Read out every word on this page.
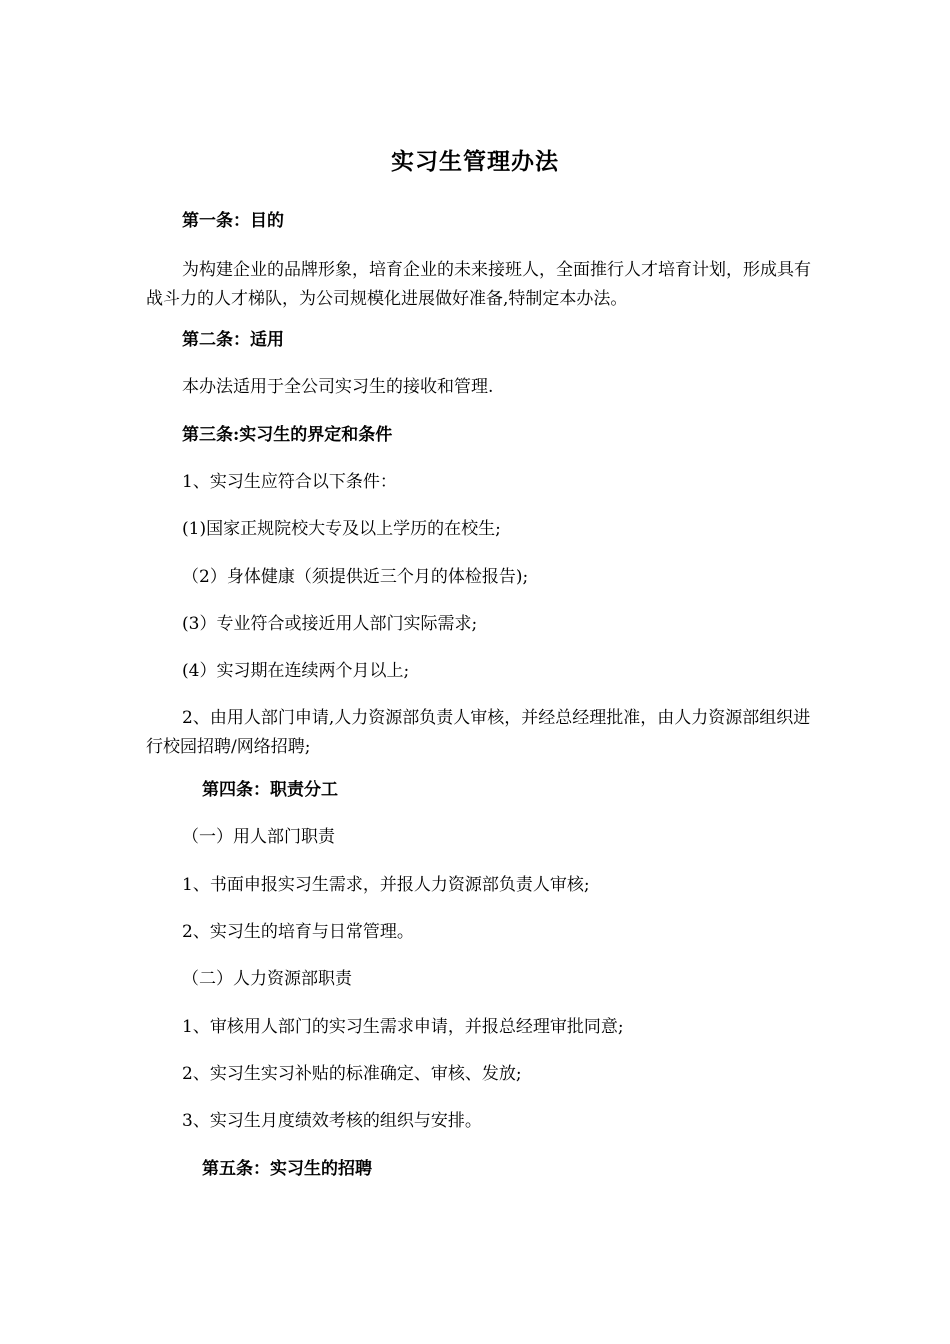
实习生管理办法
第一条：目的
为构建企业的品牌形象，培育企业的未来接班人，全面推行人才培育计划，形成具有战斗力的人才梯队，为公司规模化进展做好准备,特制定本办法。
第二条：适用
本办法适用于全公司实习生的接收和管理.
第三条:实习生的界定和条件
1、实习生应符合以下条件：
(1)国家正规院校大专及以上学历的在校生;
（2）身体健康（须提供近三个月的体检报告);
(3）专业符合或接近用人部门实际需求;
(4）实习期在连续两个月以上;
2、由用人部门申请,人力资源部负责人审核，并经总经理批准，由人力资源部组织进行校园招聘/网络招聘;
第四条：职责分工
（一）用人部门职责
1、书面申报实习生需求，并报人力资源部负责人审核;
2、实习生的培育与日常管理。
（二）人力资源部职责
1、审核用人部门的实习生需求申请，并报总经理审批同意;
2、实习生实习补贴的标准确定、审核、发放;
3、实习生月度绩效考核的组织与安排。
第五条：实习生的招聘
